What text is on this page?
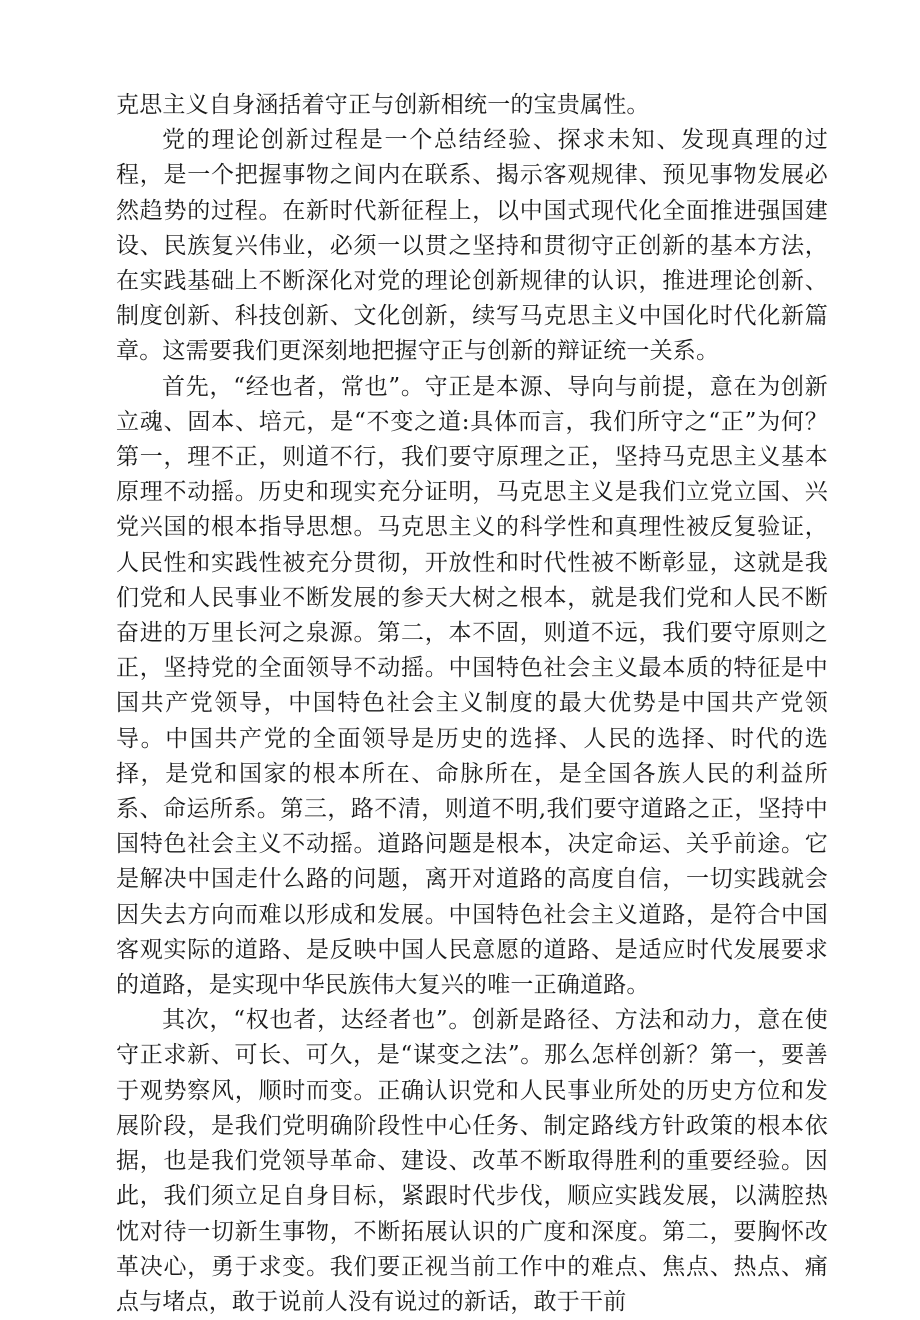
克思主义自身涵括着守正与创新相统一的宝贵属性。

党的理论创新过程是一个总结经验、探求未知、发现真理的过程，是一个把握事物之间内在联系、揭示客观规律、预见事物发展必然趋势的过程。在新时代新征程上，以中国式现代化全面推进强国建设、民族复兴伟业，必须一以贯之坚持和贯彻守正创新的基本方法，在实践基础上不断深化对党的理论创新规律的认识，推进理论创新、制度创新、科技创新、文化创新，续写马克思主义中国化时代化新篇章。这需要我们更深刻地把握守正与创新的辩证统一关系。

首先，“经也者，常也”。守正是本源、导向与前提，意在为创新立魂、固本、培元，是“不变之道:具体而言，我们所守之“正”为何？第一，理不正，则道不行，我们要守原理之正，坚持马克思主义基本原理不动摇。历史和现实充分证明，马克思主义是我们立党立国、兴党兴国的根本指导思想。马克思主义的科学性和真理性被反复验证，人民性和实践性被充分贯彻，开放性和时代性被不断彰显，这就是我们党和人民事业不断发展的参天大树之根本，就是我们党和人民不断奋进的万里长河之泉源。第二，本不固，则道不远，我们要守原则之正，坚持党的全面领导不动摇。中国特色社会主义最本质的特征是中国共产党领导，中国特色社会主义制度的最大优势是中国共产党领导。中国共产党的全面领导是历史的选择、人民的选择、时代的选择，是党和国家的根本所在、命脉所在，是全国各族人民的利益所系、命运所系。第三，路不清，则道不明,我们要守道路之正，坚持中国特色社会主义不动摇。道路问题是根本，决定命运、关乎前途。它是解决中国走什么路的问题，离开对道路的高度自信，一切实践就会因失去方向而难以形成和发展。中国特色社会主义道路，是符合中国客观实际的道路、是反映中国人民意愿的道路、是适应时代发展要求的道路，是实现中华民族伟大复兴的唯一正确道路。

其次，“权也者，达经者也”。创新是路径、方法和动力，意在使守正求新、可长、可久，是“谋变之法”。那么怎样创新？第一，要善于观势察风，顺时而变。正确认识党和人民事业所处的历史方位和发展阶段，是我们党明确阶段性中心任务、制定路线方针政策的根本依据，也是我们党领导革命、建设、改革不断取得胜利的重要经验。因此，我们须立足自身目标，紧跟时代步伐，顺应实践发展，以满腔热忱对待一切新生事物，不断拓展认识的广度和深度。第二，要胸怀改革决心，勇于求变。我们要正视当前工作中的难点、焦点、热点、痛点与堵点，敢于说前人没有说过的新话，敢于干前
